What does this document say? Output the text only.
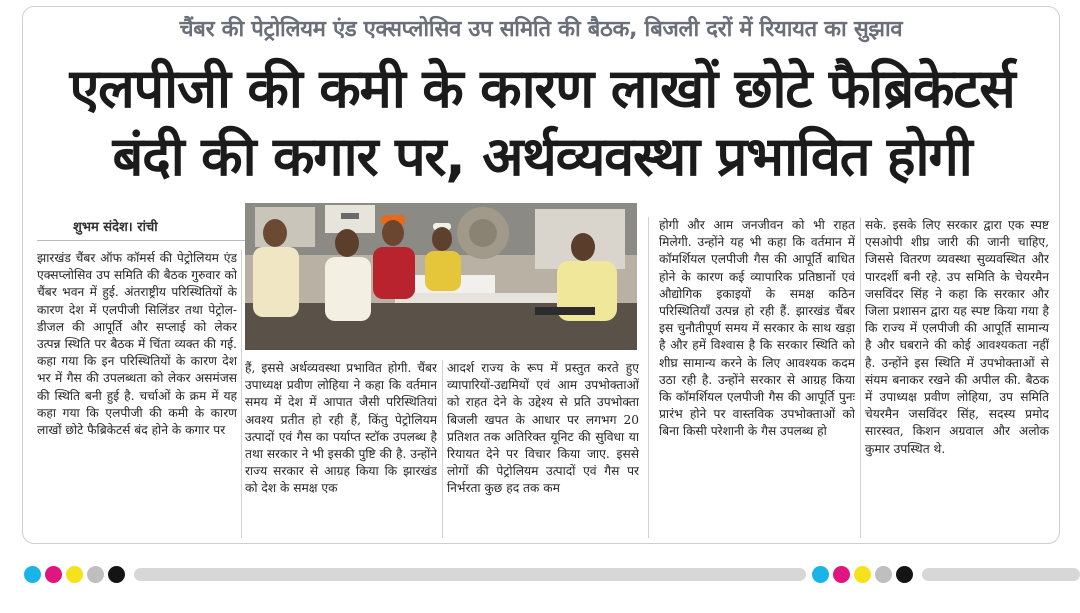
चैंबर की पेट्रोलियम एंड एक्सप्लोसिव उप समिति की बैठक, बिजली दरों में रियायत का सुझाव
एलपीजी की कमी के कारण लाखों छोटे फैब्रिकेटर्स
बंदी की कगार पर, अर्थव्यवस्था प्रभावित होगी
शुभम संदेश। रांची
झारखंड चैंबर ऑफ कॉमर्स की पेट्रोलियम एंड एक्सप्लोसिव उप समिति की बैठक गुरुवार को चैंबर भवन में हुई. अंतराष्ट्रीय परिस्थितियों के कारण देश में एलपीजी सिलिंडर तथा पेट्रोल-डीजल की आपूर्ति और सप्लाई को लेकर उत्पन्न स्थिति पर बैठक में चिंता व्यक्त की गई. कहा गया कि इन परिस्थितियों के कारण देश भर में गैस की उपलब्धता को लेकर असमंजस की स्थिति बनी हुई है. चर्चाओं के क्रम में यह कहा गया कि एलपीजी की कमी के कारण लाखों छोटे फैब्रिकेटर्स बंद होने के कगार पर
हैं, इससे अर्थव्यवस्था प्रभावित होगी. चैंबर उपाध्यक्ष प्रवीण लोहिया ने कहा कि वर्तमान समय में देश में आपात जैसी परिस्थितियां अवश्य प्रतीत हो रही हैं, किंतु पेट्रोलियम उत्पादों एवं गैस का पर्याप्त स्टॉक उपलब्ध है तथा सरकार ने भी इसकी पुष्टि की है. उन्होंने राज्य सरकार से आग्रह किया कि झारखंड को देश के समक्ष एक
आदर्श राज्य के रूप में प्रस्तुत करते हुए व्यापारियों-उद्यमियों एवं आम उपभोक्ताओं को राहत देने के उद्देश्य से प्रति उपभोक्ता बिजली खपत के आधार पर लगभग 20 प्रतिशत तक अतिरिक्त यूनिट की सुविधा या रियायत देने पर विचार किया जाए. इससे लोगों की पेट्रोलियम उत्पादों एवं गैस पर निर्भरता कुछ हद तक कम
होगी और आम जनजीवन को भी राहत मिलेगी. उन्होंने यह भी कहा कि वर्तमान में कॉमर्शियल एलपीजी गैस की आपूर्ति बाधित होने के कारण कई व्यापारिक प्रतिष्ठानों एवं औद्योगिक इकाइयों के समक्ष कठिन परिस्थितियाँ उत्पन्न हो रही हैं. झारखंड चैंबर इस चुनौतीपूर्ण समय में सरकार के साथ खड़ा है और हमें विश्वास है कि सरकार स्थिति को शीघ्र सामान्य करने के लिए आवश्यक कदम उठा रही है. उन्होंने सरकार से आग्रह किया कि कॉमर्शियल एलपीजी गैस की आपूर्ति पुनः प्रारंभ होने पर वास्तविक उपभोक्ताओं को बिना किसी परेशानी के गैस उपलब्ध हो
सके. इसके लिए सरकार द्वारा एक स्पष्ट एसओपी शीघ्र जारी की जानी चाहिए, जिससे वितरण व्यवस्था सुव्यवस्थित और पारदर्शी बनी रहे. उप समिति के चेयरमैन जसविंदर सिंह ने कहा कि सरकार और जिला प्रशासन द्वारा यह स्पष्ट किया गया है कि राज्य में एलपीजी की आपूर्ति सामान्य है और घबराने की कोई आवश्यकता नहीं है. उन्होंने इस स्थिति में उपभोक्ताओं से संयम बनाकर रखने की अपील की. बैठक में उपाध्यक्ष प्रवीण लोहिया, उप समिति चेयरमैन जसविंदर सिंह, सदस्य प्रमोद सारस्वत, किशन अग्रवाल और अलोक कुमार उपस्थित थे.
